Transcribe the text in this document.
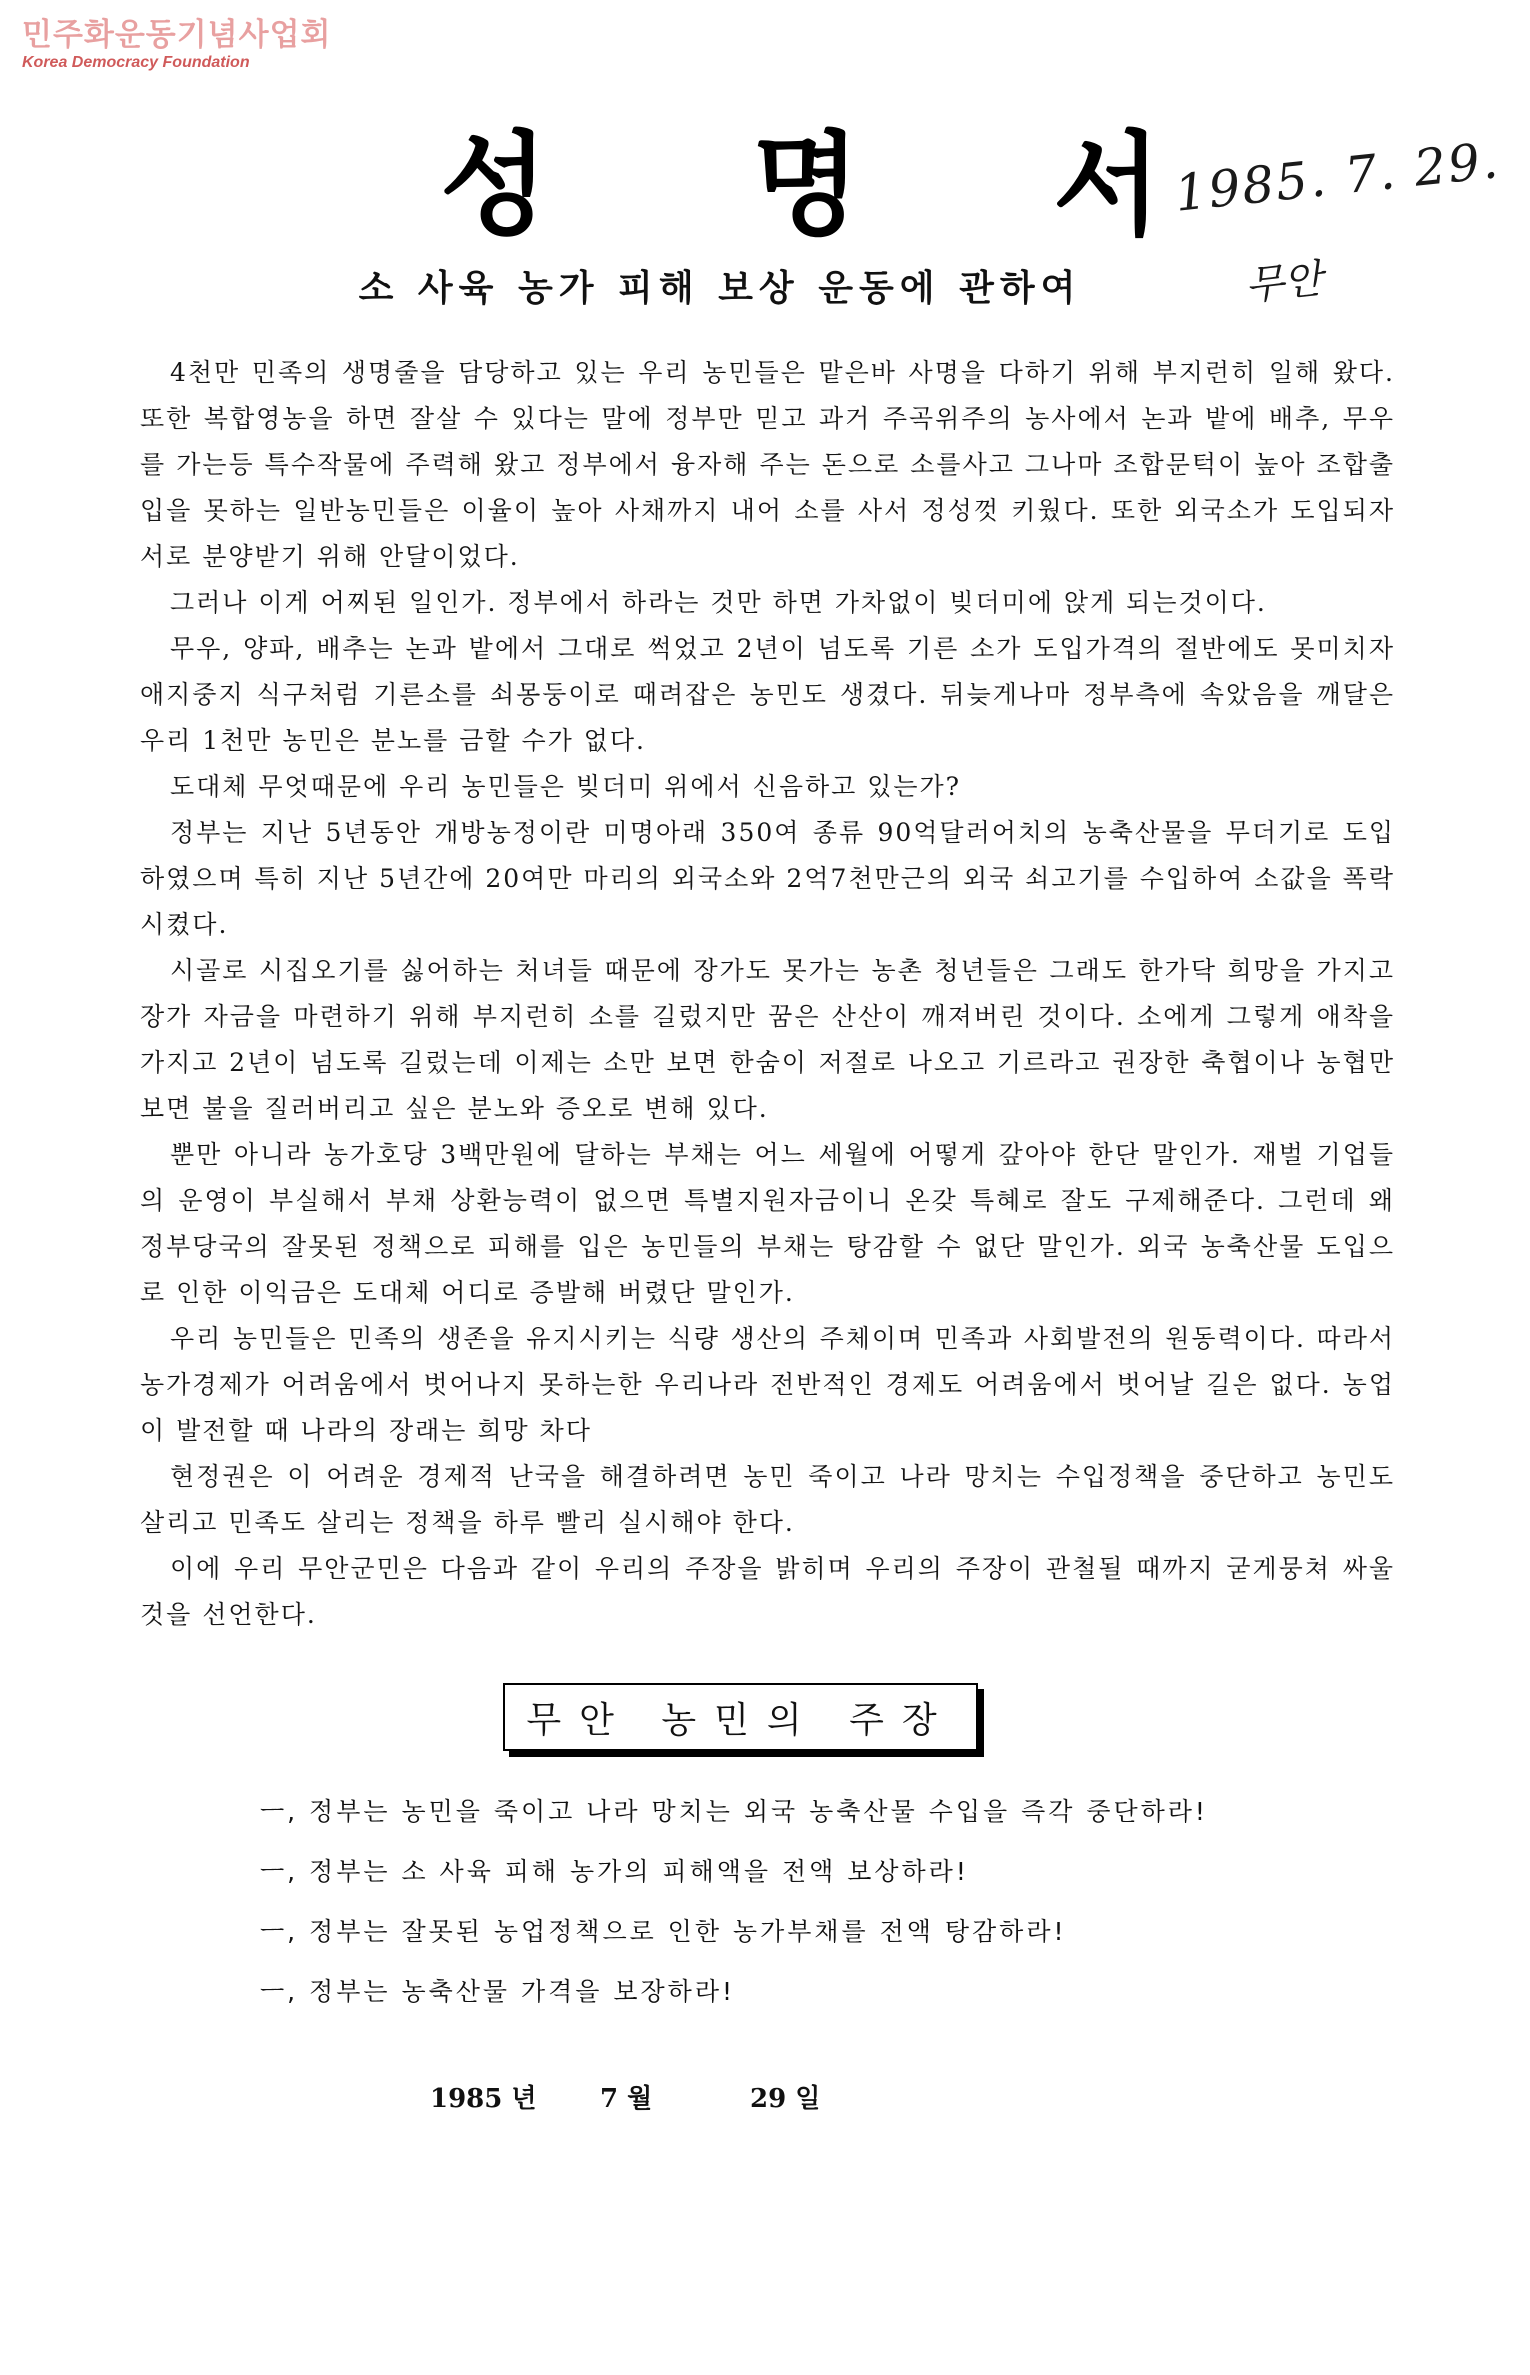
민주화운동기념사업회
Korea Democracy Foundation
성 명 서 1985. 7. 29.
무안
소 사육 농가 피해 보상 운동에 관하여

4천만 민족의 생명줄을 담당하고 있는 우리 농민들은 맡은바 사명을 다하기 위해 부지런히 일해 왔다. 또한 복합영농을 하면 잘살 수 있다는 말에 정부만 믿고 과거 주곡위주의 농사에서 논과 밭에 배추, 무우를 가는등 특수작물에 주력해 왔고 정부에서 융자해 주는 돈으로 소를사고 그나마 조합문턱이 높아 조합출입을 못하는 일반농민들은 이율이 높아 사채까지 내어 소를 사서 정성껏 키웠다. 또한 외국소가 도입되자 서로 분양받기 위해 안달이었다.

그러나 이게 어찌된 일인가. 정부에서 하라는 것만 하면 가차없이 빚더미에 앉게 되는것이다.

무우, 양파, 배추는 논과 밭에서 그대로 썩었고 2년이 넘도록 기른 소가 도입가격의 절반에도 못미치자 애지중지 식구처럼 기른소를 쇠몽둥이로 때려잡은 농민도 생겼다. 뒤늦게나마 정부측에 속았음을 깨달은 우리 1천만 농민은 분노를 금할 수가 없다.

도대체 무엇때문에 우리 농민들은 빚더미 위에서 신음하고 있는가?

정부는 지난 5년동안 개방농정이란 미명아래 350여 종류 90억달러어치의 농축산물을 무더기로 도입하였으며 특히 지난 5년간에 20여만 마리의 외국소와 2억7천만근의 외국 쇠고기를 수입하여 소값을 폭락 시켰다.

시골로 시집오기를 싫어하는 처녀들 때문에 장가도 못가는 농촌 청년들은 그래도 한가닥 희망을 가지고 장가 자금을 마련하기 위해 부지런히 소를 길렀지만 꿈은 산산이 깨져버린 것이다. 소에게 그렇게 애착을 가지고 2년이 넘도록 길렀는데 이제는 소만 보면 한숨이 저절로 나오고 기르라고 권장한 축협이나 농협만 보면 불을 질러버리고 싶은 분노와 증오로 변해 있다.

뿐만 아니라 농가호당 3백만원에 달하는 부채는 어느 세월에 어떻게 갚아야 한단 말인가. 재벌 기업들의 운영이 부실해서 부채 상환능력이 없으면 특별지원자금이니 온갖 특혜로 잘도 구제해준다. 그런데 왜 정부당국의 잘못된 정책으로 피해를 입은 농민들의 부채는 탕감할 수 없단 말인가. 외국 농축산물 도입으로 인한 이익금은 도대체 어디로 증발해 버렸단 말인가.

우리 농민들은 민족의 생존을 유지시키는 식량 생산의 주체이며 민족과 사회발전의 원동력이다. 따라서 농가경제가 어려움에서 벗어나지 못하는한 우리나라 전반적인 경제도 어려움에서 벗어날 길은 없다. 농업이 발전할 때 나라의 장래는 희망 차다

현정권은 이 어려운 경제적 난국을 해결하려면 농민 죽이고 나라 망치는 수입정책을 중단하고 농민도 살리고 민족도 살리는 정책을 하루 빨리 실시해야 한다.

이에 우리 무안군민은 다음과 같이 우리의 주장을 밝히며 우리의 주장이 관철될 때까지 굳게뭉쳐 싸울 것을 선언한다.

무안 농민의 주장
ㅡ, 정부는 농민을 죽이고 나라 망치는 외국 농축산물 수입을 즉각 중단하라!
ㅡ, 정부는 소 사육 피해 농가의 피해액을 전액 보상하라!
ㅡ, 정부는 잘못된 농업정책으로 인한 농가부채를 전액 탕감하라!
ㅡ, 정부는 농축산물 가격을 보장하라!
1985 년	7 월	29 일
